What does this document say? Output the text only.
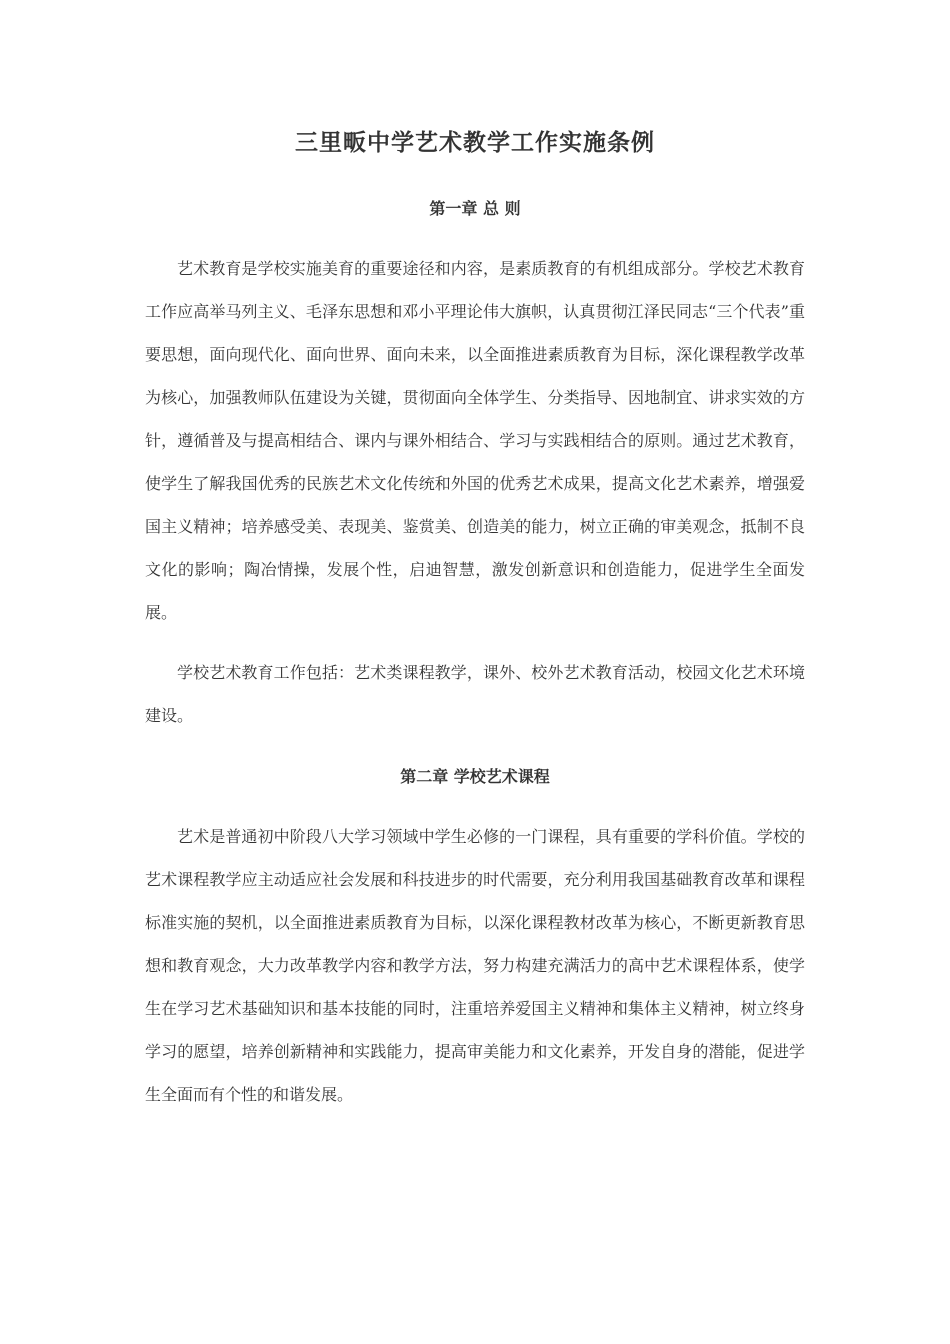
三里畈中学艺术教学工作实施条例
第一章 总 则

艺术教育是学校实施美育的重要途径和内容，是素质教育的有机组成部分。学校艺术教育工作应高举马列主义、毛泽东思想和邓小平理论伟大旗帜，认真贯彻江泽民同志“三个代表”重要思想，面向现代化、面向世界、面向未来，以全面推进素质教育为目标，深化课程教学改革为核心，加强教师队伍建设为关键，贯彻面向全体学生、分类指导、因地制宜、讲求实效的方针，遵循普及与提高相结合、课内与课外相结合、学习与实践相结合的原则。通过艺术教育，使学生了解我国优秀的民族艺术文化传统和外国的优秀艺术成果，提高文化艺术素养，增强爱国主义精神；培养感受美、表现美、鉴赏美、创造美的能力，树立正确的审美观念，抵制不良文化的影响；陶冶情操，发展个性，启迪智慧，激发创新意识和创造能力，促进学生全面发展。

学校艺术教育工作包括：艺术类课程教学，课外、校外艺术教育活动，校园文化艺术环境建设。

第二章 学校艺术课程

艺术是普通初中阶段八大学习领域中学生必修的一门课程，具有重要的学科价值。学校的艺术课程教学应主动适应社会发展和科技进步的时代需要，充分利用我国基础教育改革和课程标准实施的契机，以全面推进素质教育为目标，以深化课程教材改革为核心，不断更新教育思想和教育观念，大力改革教学内容和教学方法，努力构建充满活力的高中艺术课程体系，使学生在学习艺术基础知识和基本技能的同时，注重培养爱国主义精神和集体主义精神，树立终身学习的愿望，培养创新精神和实践能力，提高审美能力和文化素养，开发自身的潜能，促进学生全面而有个性的和谐发展。
